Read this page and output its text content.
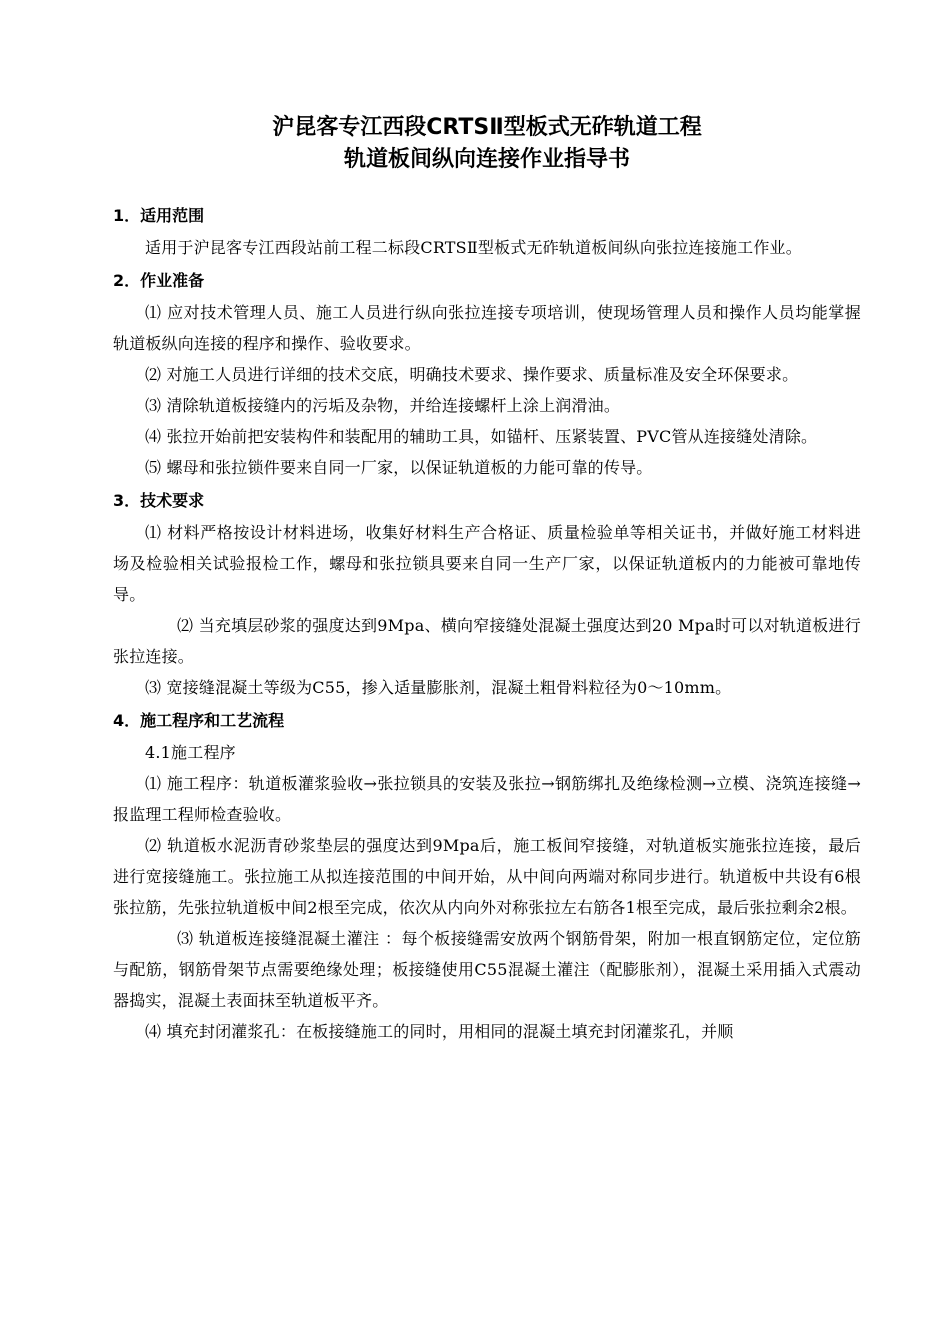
沪昆客专江西段CRTSⅡ型板式无砟轨道工程

轨道板间纵向连接作业指导书

1．适用范围

适用于沪昆客专江西段站前工程二标段CRTSⅡ型板式无砟轨道板间纵向张拉连接施工作业。

2．作业准备

⑴ 应对技术管理人员、施工人员进行纵向张拉连接专项培训，使现场管理人员和操作人员均能掌握轨道板纵向连接的程序和操作、验收要求。

⑵ 对施工人员进行详细的技术交底，明确技术要求、操作要求、质量标准及安全环保要求。

⑶ 清除轨道板接缝内的污垢及杂物，并给连接螺杆上涂上润滑油。

⑷ 张拉开始前把安装构件和装配用的辅助工具，如锚杆、压紧装置、PVC管从连接缝处清除。

⑸ 螺母和张拉锁件要来自同一厂家，以保证轨道板的力能可靠的传导。

3．技术要求

⑴ 材料严格按设计材料进场，收集好材料生产合格证、质量检验单等相关证书，并做好施工材料进场及检验相关试验报检工作，螺母和张拉锁具要来自同一生产厂家，以保证轨道板内的力能被可靠地传导。

⑵ 当充填层砂浆的强度达到9Mpa、横向窄接缝处混凝土强度达到20 Mpa时可以对轨道板进行张拉连接。

⑶ 宽接缝混凝土等级为C55，掺入适量膨胀剂，混凝土粗骨料粒径为0～10mm。

4．施工程序和工艺流程

4.1施工程序

⑴ 施工程序：轨道板灌浆验收→张拉锁具的安装及张拉→钢筋绑扎及绝缘检测→立模、浇筑连接缝→报监理工程师检查验收。

⑵ 轨道板水泥沥青砂浆垫层的强度达到9Mpa后，施工板间窄接缝，对轨道板实施张拉连接，最后进行宽接缝施工。张拉施工从拟连接范围的中间开始，从中间向两端对称同步进行。轨道板中共设有6根张拉筋，先张拉轨道板中间2根至完成，依次从内向外对称张拉左右筋各1根至完成，最后张拉剩余2根。

⑶ 轨道板连接缝混凝土灌注 ：每个板接缝需安放两个钢筋骨架，附加一根直钢筋定位，定位筋与配筋，钢筋骨架节点需要绝缘处理；板接缝使用C55混凝土灌注（配膨胀剂），混凝土采用插入式震动器捣实，混凝土表面抹至轨道板平齐。

⑷ 填充封闭灌浆孔：在板接缝施工的同时，用相同的混凝土填充封闭灌浆孔，并顺
